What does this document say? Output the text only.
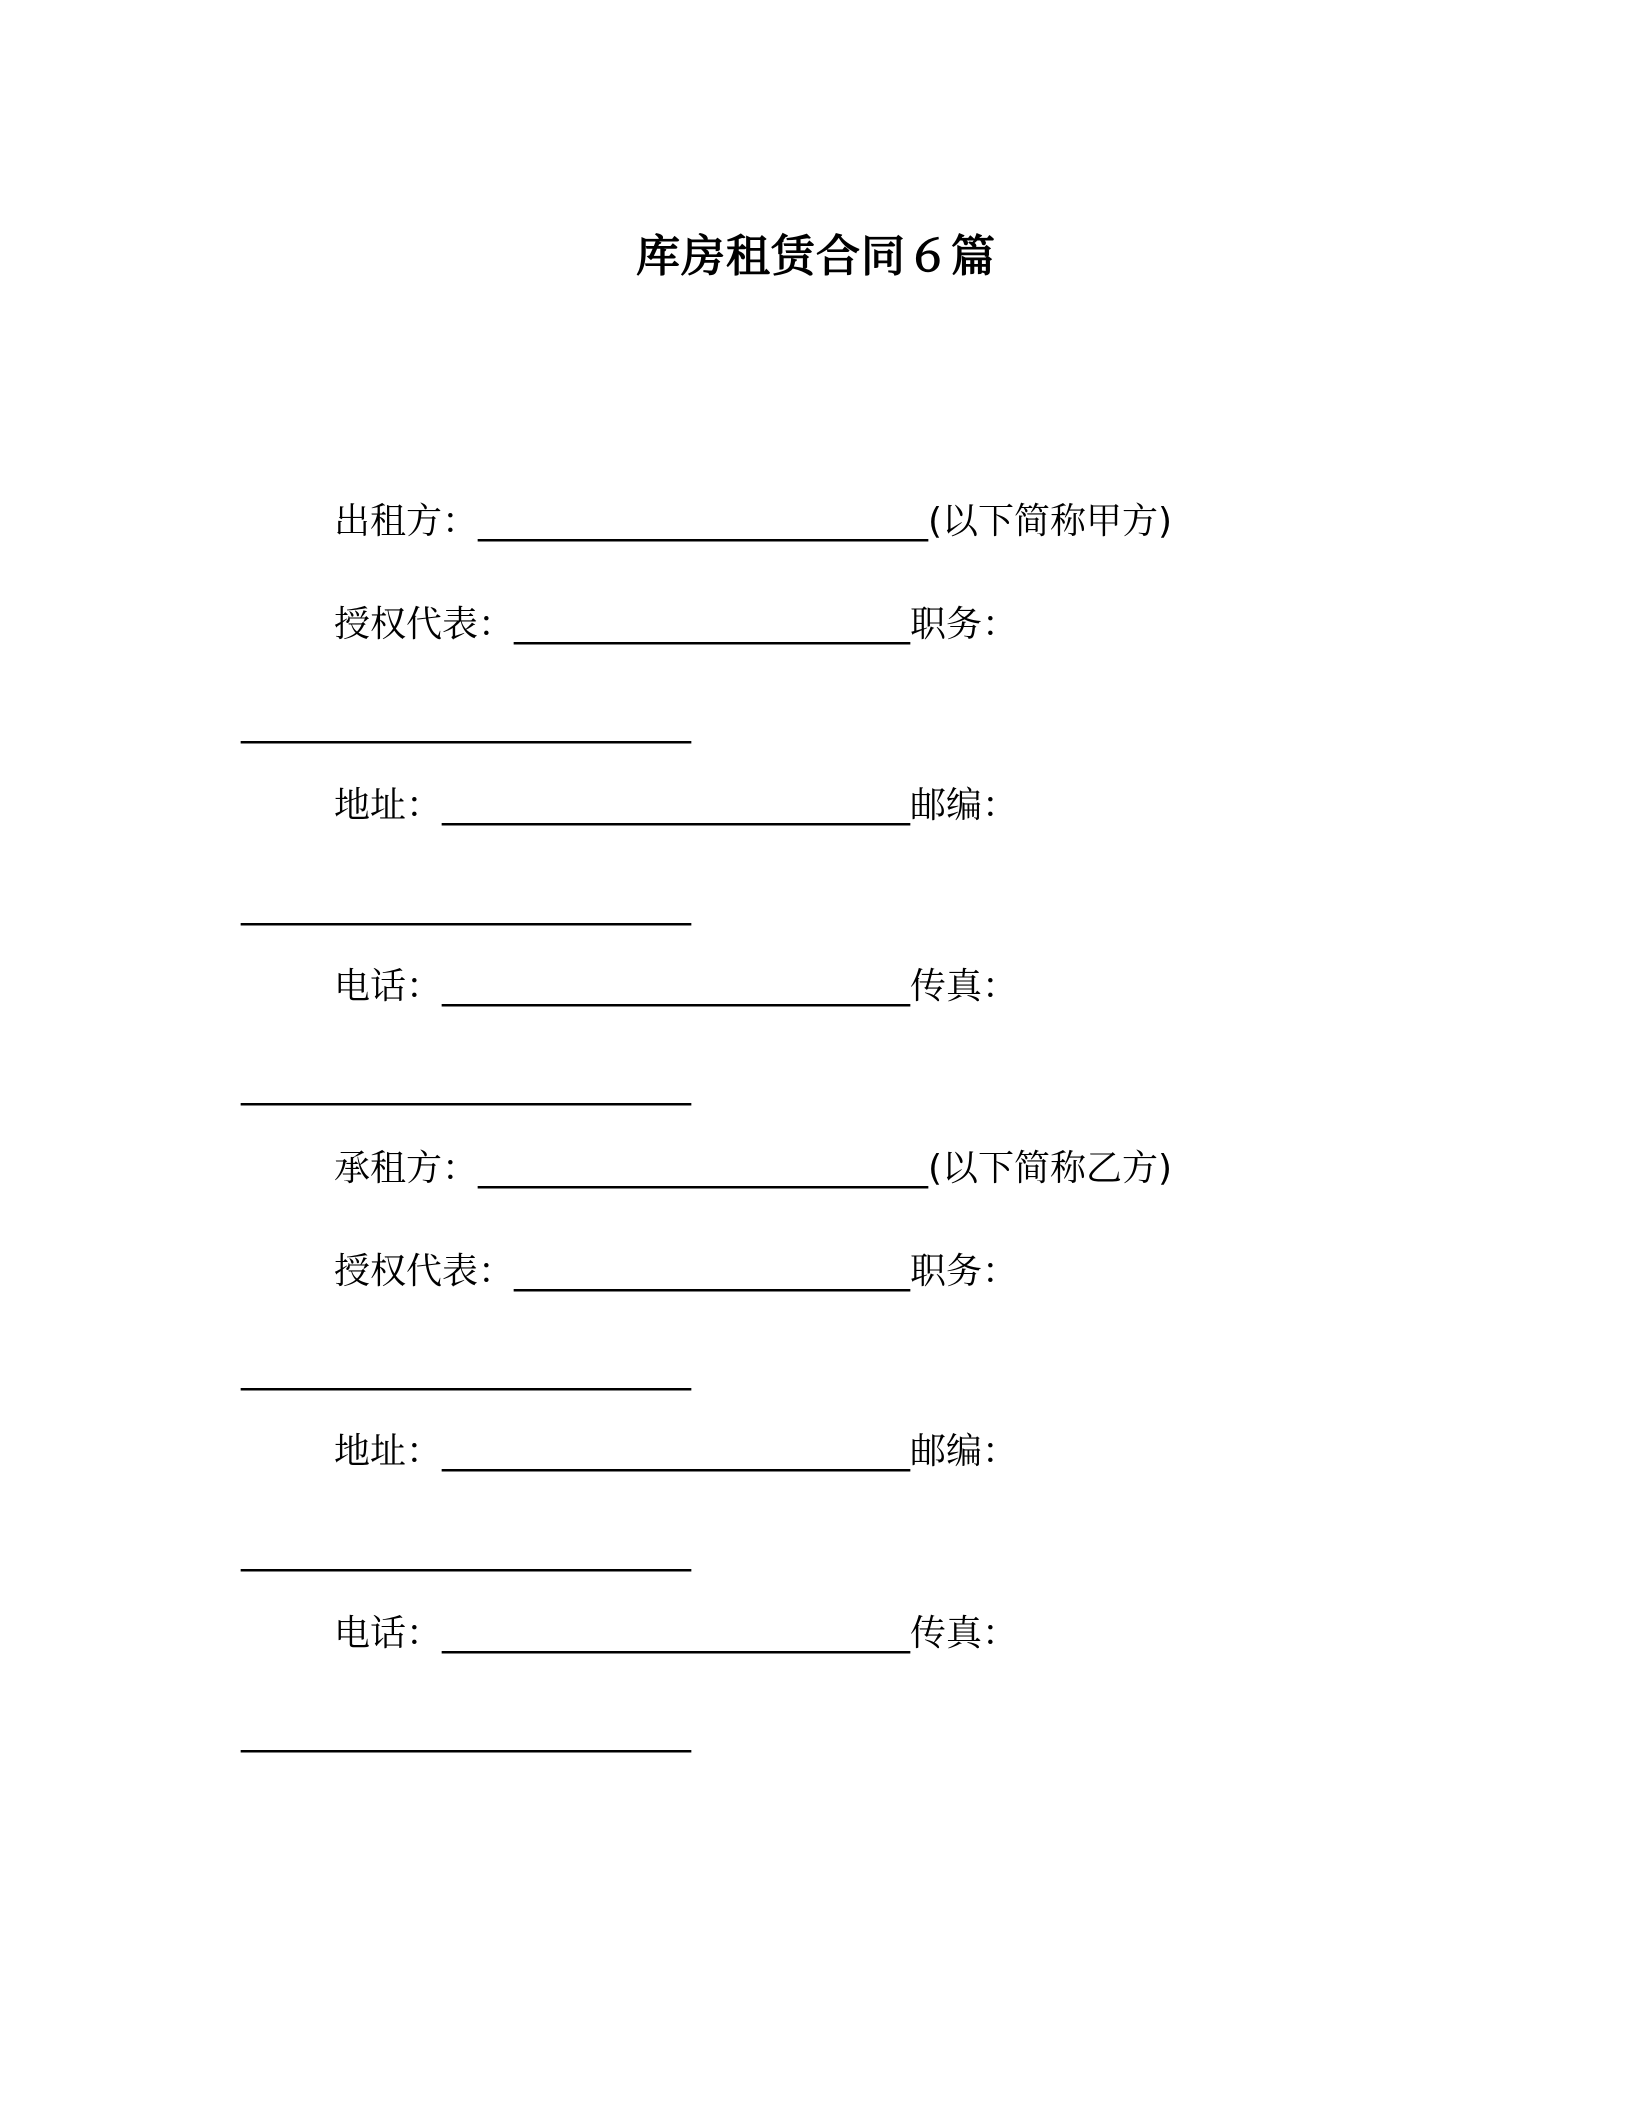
库房租赁合同６篇
出租方：_________________________(以下简称甲方)
授权代表：______________________职务：
_________________________
地址：__________________________邮编：
_________________________
电话：__________________________传真：
_________________________
承租方：_________________________(以下简称乙方)
授权代表：______________________职务：
_________________________
地址：__________________________邮编：
_________________________
电话：__________________________传真：
_________________________
